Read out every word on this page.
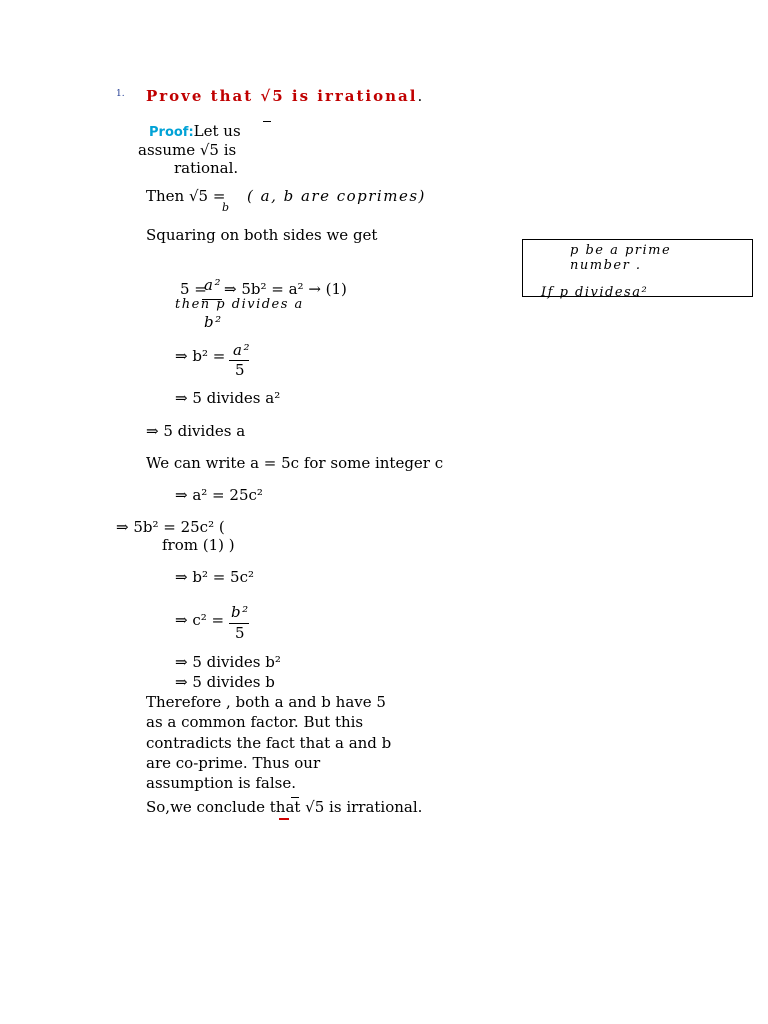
1. Prove that √5 is irrational.
Proof:Let us
assume √5 is
rational.
Then √5 =
b
( a, b are coprimes)
Squaring on both sides we get
p be a prime
number .
If p dividesa²
5 =
a²
b²
⇒ 5b² = a² → (1)
then p divides a
⇒ b² = a²
5
⇒ 5 divides a²
⇒ 5 divides a
We can write a = 5c for some integer c
⇒ a² = 25c²
⇒ 5b² = 25c² (
from (1) )
⇒ b² = 5c²
⇒ c² = b²
5
⇒ 5 divides b²
⇒ 5 divides b
Therefore , both a and b have 5
as a common factor. But this
contradicts the fact that a and b
are co-prime. Thus our
assumption is false.
So,we conclude that √5 is irrational.
